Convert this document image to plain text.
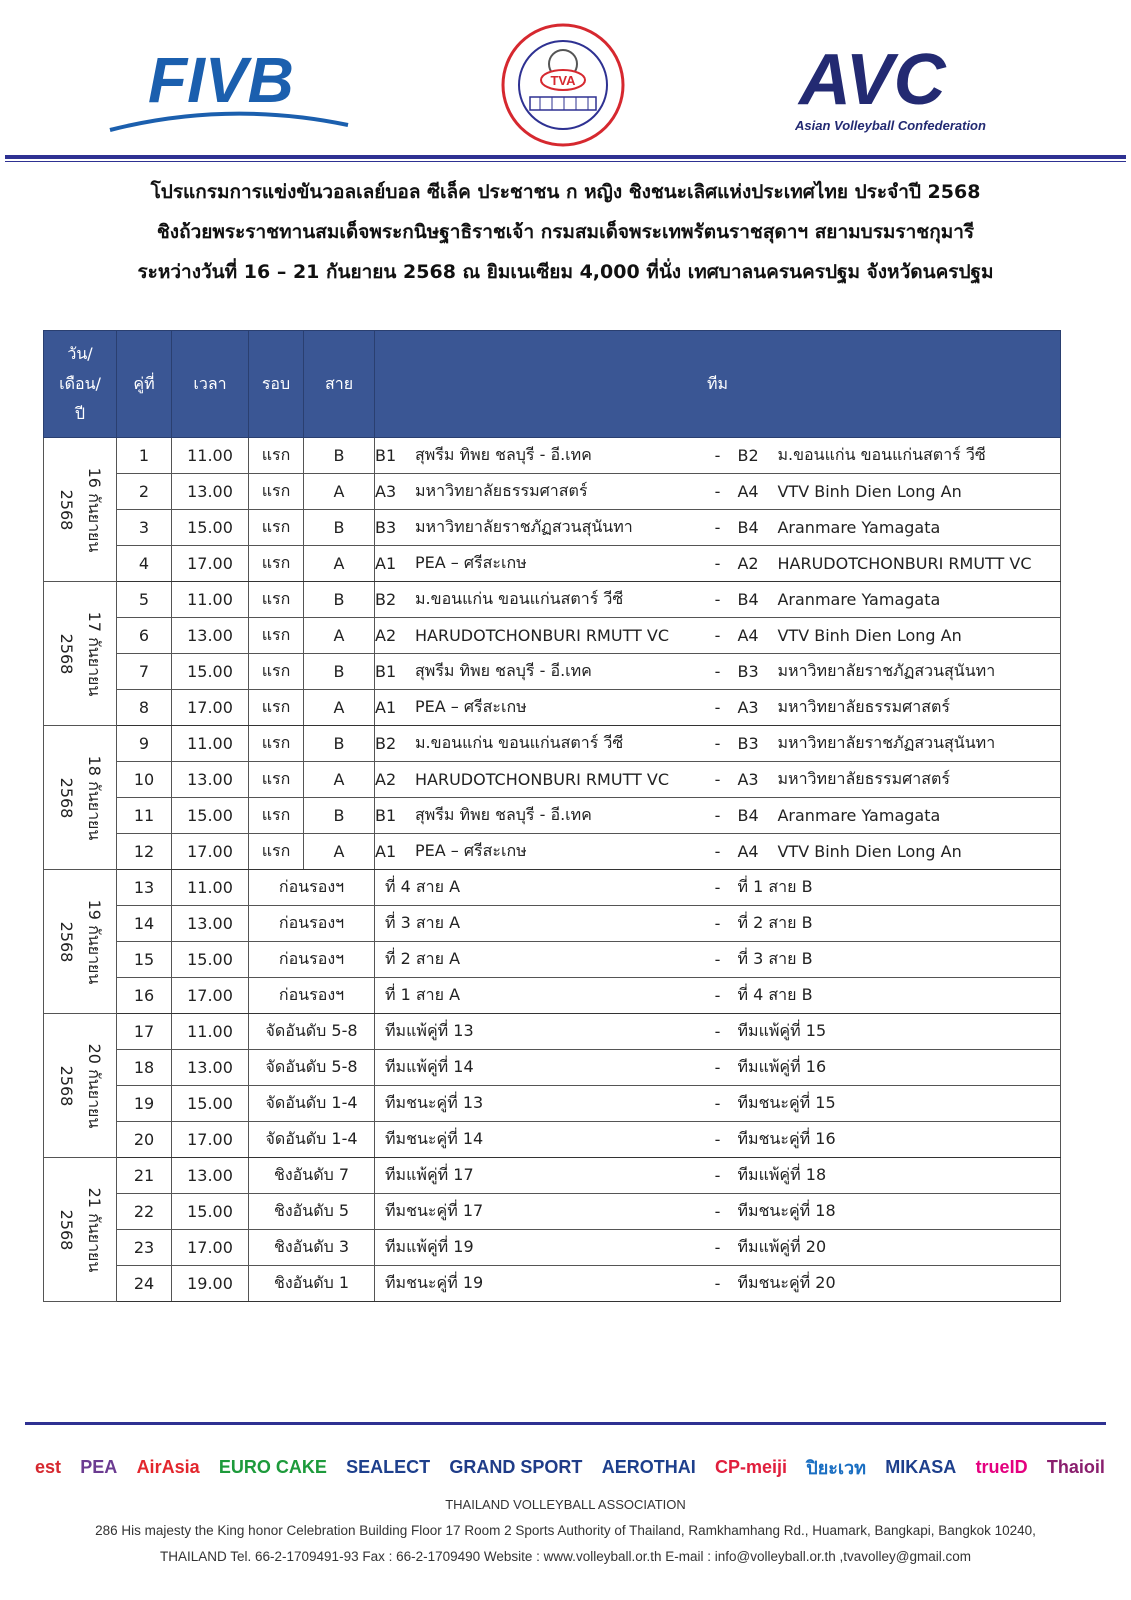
FIVB	TVA	AVC
Asian Volleyball Confederation
โปรแกรมการแข่งขันวอลเลย์บอล ซีเล็ค ประชาชน ก หญิง ชิงชนะเลิศแห่งประเทศไทย ประจำปี 2568
ชิงถ้วยพระราชทานสมเด็จพระกนิษฐาธิราชเจ้า กรมสมเด็จพระเทพรัตนราชสุดาฯ สยามบรมราชกุมารี
ระหว่างวันที่ 16 – 21 กันยายน 2568 ณ ยิมเนเซียม 4,000 ที่นั่ง เทศบาลนครนครปฐม จังหวัดนครปฐม
วัน/
เดือน/
ปี	คู่ที่	เวลา	รอบ	สาย	ทีม				

16 กันยายน
2568	1	11.00	แรก	B	B1	สุพรีม ทิพย ชลบุรี - อี.เทค	-	B2	ม.ขอนแก่น ขอนแก่นสตาร์ วีซี
	2	13.00	แรก	A	A3	มหาวิทยาลัยธรรมศาสตร์	-	A4	VTV Binh Dien Long An
	3	15.00	แรก	B	B3	มหาวิทยาลัยราชภัฏสวนสุนันทา	-	B4	Aranmare Yamagata
	4	17.00	แรก	A	A1	PEA – ศรีสะเกษ	-	A2	HARUDOTCHONBURI RMUTT VC

17 กันยายน
2568	5	11.00	แรก	B	B2	ม.ขอนแก่น ขอนแก่นสตาร์ วีซี	-	B4	Aranmare Yamagata
	6	13.00	แรก	A	A2	HARUDOTCHONBURI RMUTT VC	-	A4	VTV Binh Dien Long An
	7	15.00	แรก	B	B1	สุพรีม ทิพย ชลบุรี - อี.เทค	-	B3	มหาวิทยาลัยราชภัฏสวนสุนันทา
	8	17.00	แรก	A	A1	PEA – ศรีสะเกษ	-	A3	มหาวิทยาลัยธรรมศาสตร์

18 กันยายน
2568	9	11.00	แรก	B	B2	ม.ขอนแก่น ขอนแก่นสตาร์ วีซี	-	B3	มหาวิทยาลัยราชภัฏสวนสุนันทา
	10	13.00	แรก	A	A2	HARUDOTCHONBURI RMUTT VC	-	A3	มหาวิทยาลัยธรรมศาสตร์
	11	15.00	แรก	B	B1	สุพรีม ทิพย ชลบุรี - อี.เทค	-	B4	Aranmare Yamagata
	12	17.00	แรก	A	A1	PEA – ศรีสะเกษ	-	A4	VTV Binh Dien Long An

19 กันยายน
2568	13	11.00	ก่อนรองฯ		ที่ 4 สาย A		-	ที่ 1 สาย B	
	14	13.00	ก่อนรองฯ		ที่ 3 สาย A		-	ที่ 2 สาย B	
	15	15.00	ก่อนรองฯ		ที่ 2 สาย A		-	ที่ 3 สาย B	
	16	17.00	ก่อนรองฯ		ที่ 1 สาย A		-	ที่ 4 สาย B	

20 กันยายน
2568	17	11.00	จัดอันดับ 5-8		ทีมแพ้คู่ที่ 13		-	ทีมแพ้คู่ที่ 15	
	18	13.00	จัดอันดับ 5-8		ทีมแพ้คู่ที่ 14		-	ทีมแพ้คู่ที่ 16	
	19	15.00	จัดอันดับ 1-4		ทีมชนะคู่ที่ 13		-	ทีมชนะคู่ที่ 15	
	20	17.00	จัดอันดับ 1-4		ทีมชนะคู่ที่ 14		-	ทีมชนะคู่ที่ 16	

21 กันยายน
2568	21	13.00	ชิงอันดับ 7		ทีมแพ้คู่ที่ 17		-	ทีมแพ้คู่ที่ 18	
	22	15.00	ชิงอันดับ 5		ทีมชนะคู่ที่ 17		-	ทีมชนะคู่ที่ 18	
	23	17.00	ชิงอันดับ 3		ทีมแพ้คู่ที่ 19		-	ทีมแพ้คู่ที่ 20	
	24	19.00	ชิงอันดับ 1		ทีมชนะคู่ที่ 19		-	ทีมชนะคู่ที่ 20	
est PEA AirAsia EURO CAKE SEALECT GRAND SPORT AEROTHAI CP-meiji ปิยะเวท MIKASA trueID Thaioil
THAILAND VOLLEYBALL ASSOCIATION
286 His majesty the King honor Celebration Building Floor 17 Room 2 Sports Authority of Thailand, Ramkhamhang Rd., Huamark, Bangkapi, Bangkok 10240,
THAILAND Tel. 66-2-1709491-93 Fax : 66-2-1709490 Website : www.volleyball.or.th E-mail : info@volleyball.or.th ,tvavolley@gmail.com
